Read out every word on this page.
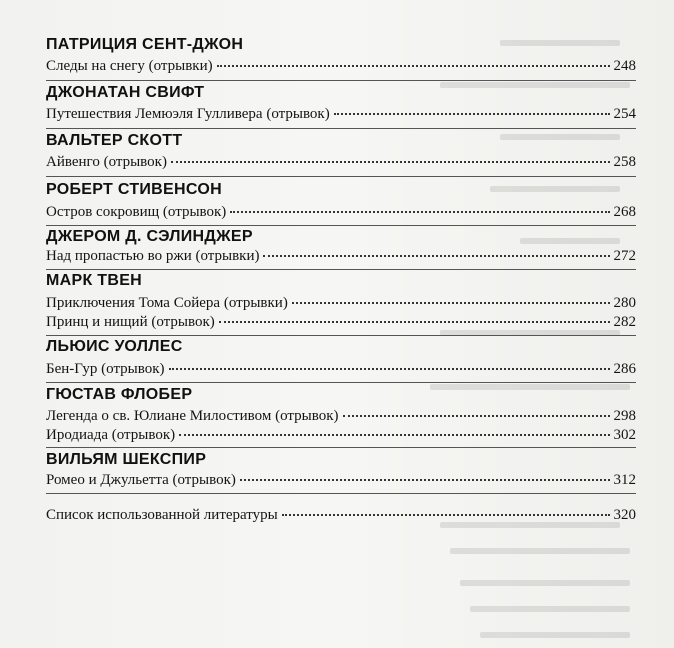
ПАТРИЦИЯ СЕНТ-ДЖОН
Следы на снегу (отрывки)	248
ДЖОНАТАН СВИФТ
Путешествия Лемюэля Гулливера (отрывок)	254
ВАЛЬТЕР СКОТТ
Айвенго (отрывок)	258
РОБЕРТ СТИВЕНСОН
Остров сокровищ (отрывок)	268
ДЖЕРОМ Д. СЭЛИНДЖЕР
Над пропастью во ржи (отрывки)	272
МАРК ТВЕН
Приключения Тома Сойера (отрывки)	280
Принц и нищий (отрывок)	282
ЛЬЮИС УОЛЛЕС
Бен-Гур (отрывок)	286
ГЮСТАВ ФЛОБЕР
Легенда о св. Юлиане Милостивом (отрывок)	298
Иродиада (отрывок)	302
ВИЛЬЯМ ШЕКСПИР
Ромео и Джульетта (отрывок)	312
Список использованной литературы	320
